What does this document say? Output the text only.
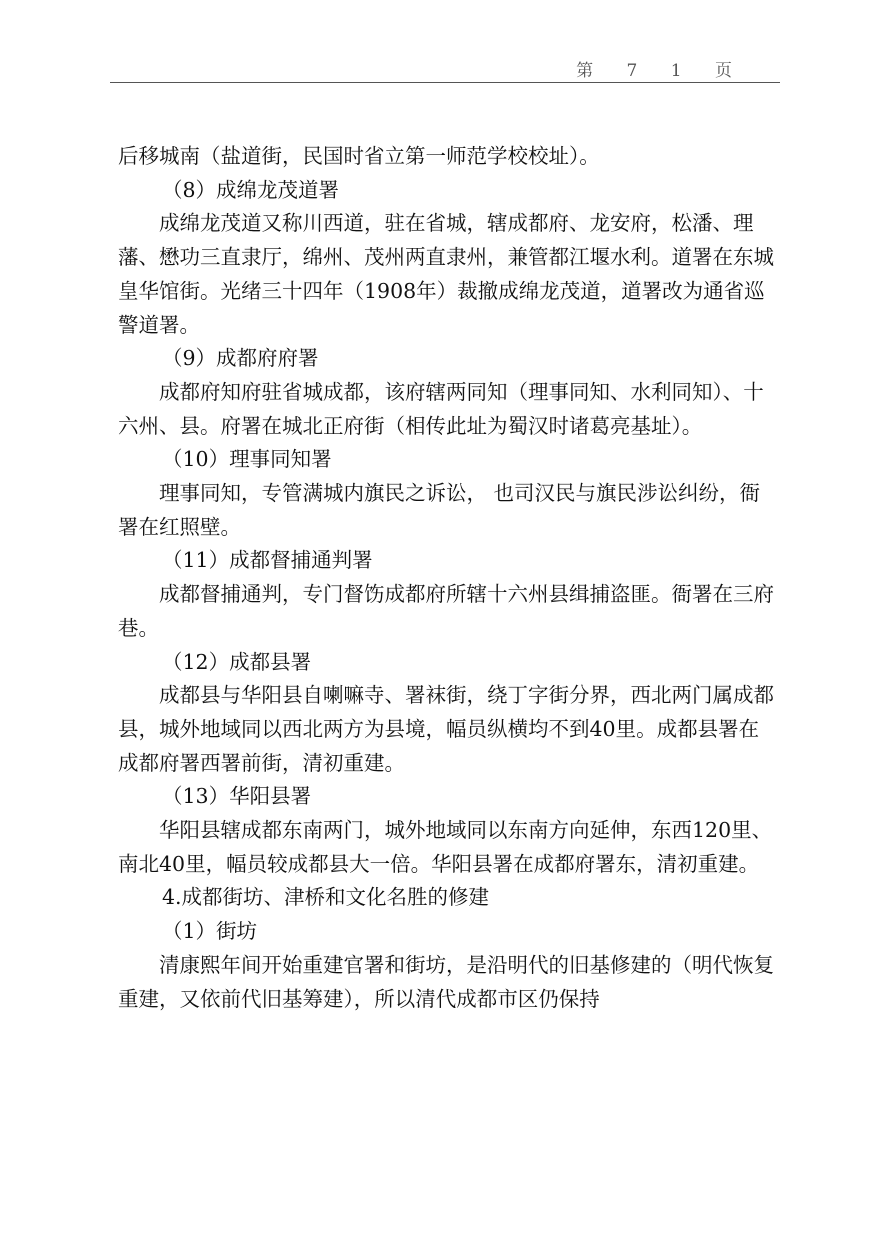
第 7 1 页

后移城南（盐道街，民国时省立第一师范学校校址）。

（8）成绵龙茂道署

成绵龙茂道又称川西道，驻在省城，辖成都府、龙安府，松潘、理藩、懋功三直隶厅，绵州、茂州两直隶州，兼管都江堰水利。道署在东城皇华馆街。光绪三十四年（1908年）裁撤成绵龙茂道，道署改为通省巡警道署。

（9）成都府府署

成都府知府驻省城成都，该府辖两同知（理事同知、水利同知）、十六州、县。府署在城北正府街（相传此址为蜀汉时诸葛亮基址）。

（10）理事同知署

理事同知，专管满城内旗民之诉讼， 也司汉民与旗民涉讼纠纷，衙署在红照壁。

（11）成都督捕通判署

成都督捕通判，专门督饬成都府所辖十六州县缉捕盗匪。衙署在三府巷。

（12）成都县署

成都县与华阳县自喇嘛寺、署袜街，绕丁字街分界，西北两门属成都县，城外地域同以西北两方为县境，幅员纵横均不到40里。成都县署在成都府署西署前街，清初重建。

（13）华阳县署

华阳县辖成都东南两门，城外地域同以东南方向延伸，东西120里、南北40里，幅员较成都县大一倍。华阳县署在成都府署东，清初重建。

4.成都街坊、津桥和文化名胜的修建

（1）街坊

清康熙年间开始重建官署和街坊，是沿明代的旧基修建的（明代恢复重建，又依前代旧基筹建），所以清代成都市区仍保持
